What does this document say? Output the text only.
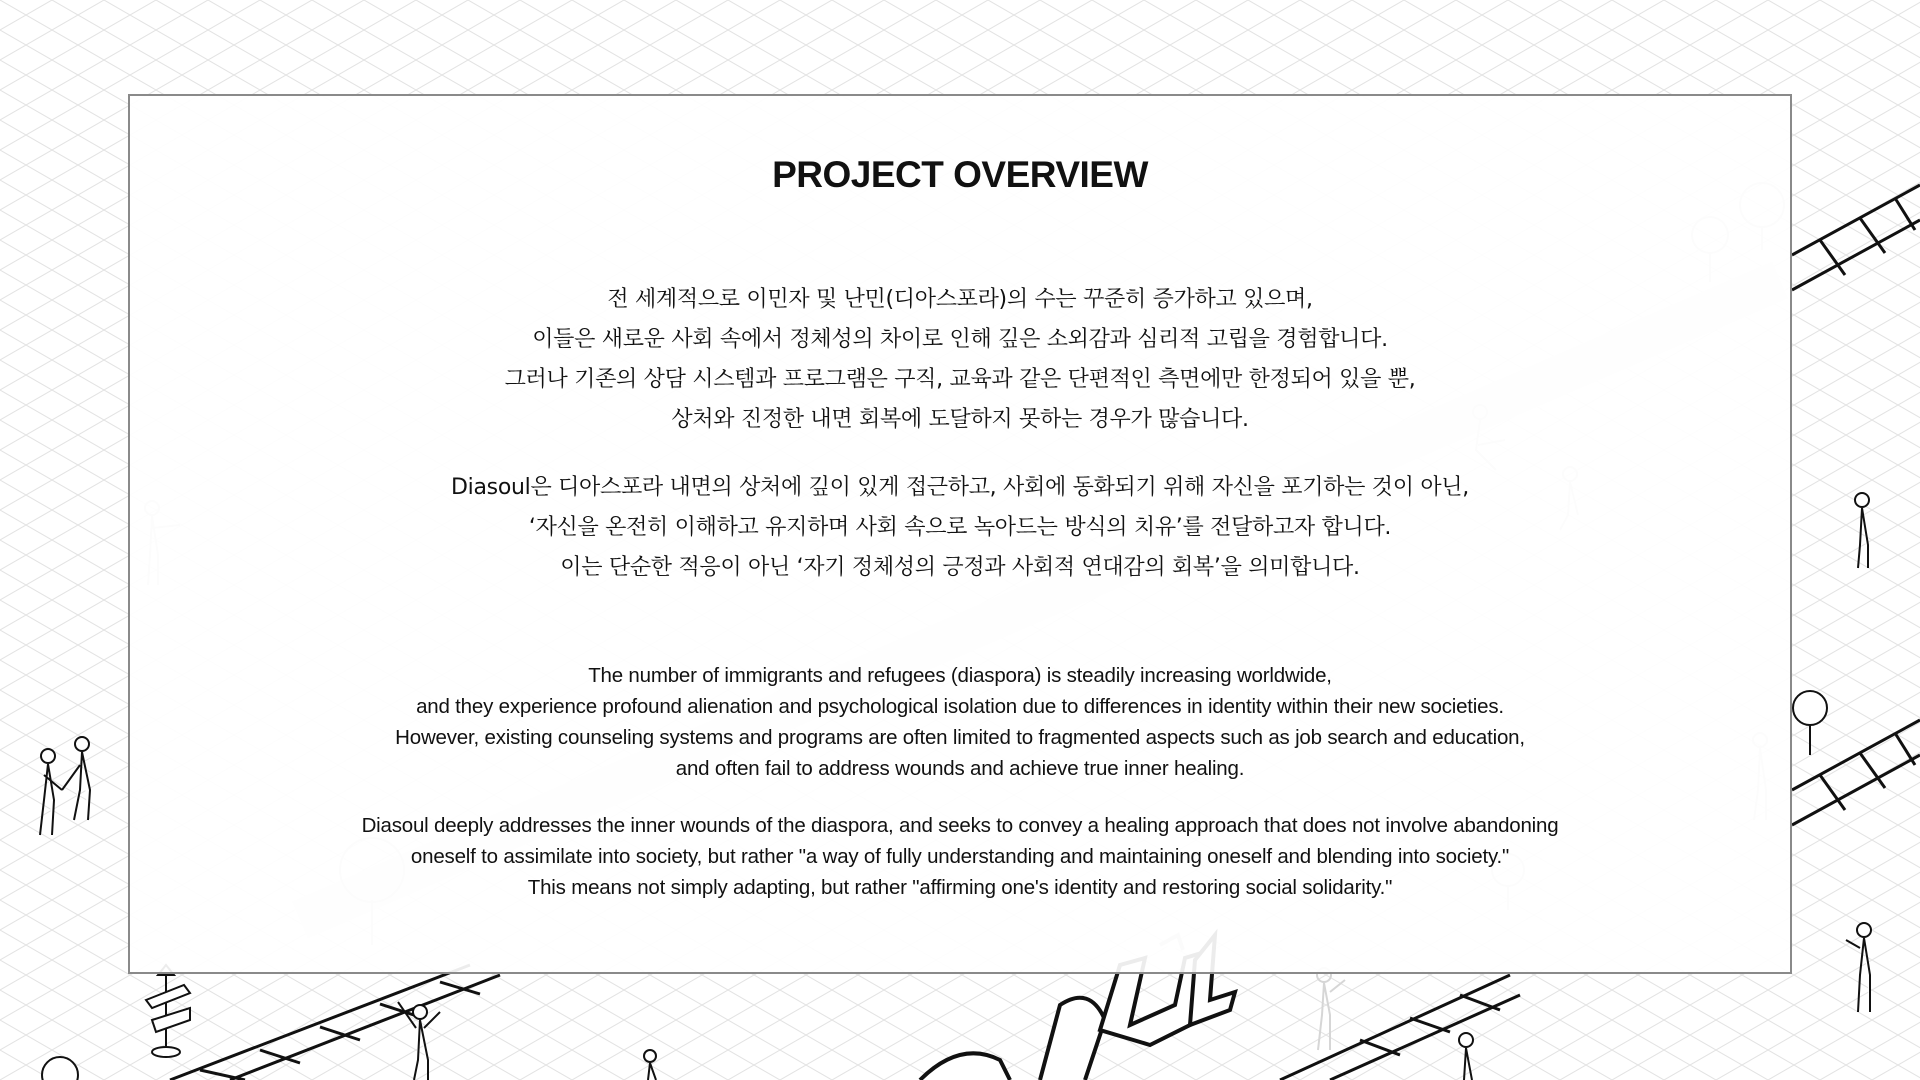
PROJECT OVERVIEW
전 세계적으로 이민자 및 난민(디아스포라)의 수는 꾸준히 증가하고 있으며,
이들은 새로운 사회 속에서 정체성의 차이로 인해 깊은 소외감과 심리적 고립을 경험합니다.
그러나 기존의 상담 시스템과 프로그램은 구직, 교육과 같은 단편적인 측면에만 한정되어 있을 뿐,
상처와 진정한 내면 회복에 도달하지 못하는 경우가 많습니다.
Diasoul은 디아스포라 내면의 상처에 깊이 있게 접근하고, 사회에 동화되기 위해 자신을 포기하는 것이 아닌,
‘자신을 온전히 이해하고 유지하며 사회 속으로 녹아드는 방식의 치유’를 전달하고자 합니다.
이는 단순한 적응이 아닌 ‘자기 정체성의 긍정과 사회적 연대감의 회복’을 의미합니다.
The number of immigrants and refugees (diaspora) is steadily increasing worldwide,
and they experience profound alienation and psychological isolation due to differences in identity within their new societies.
However, existing counseling systems and programs are often limited to fragmented aspects such as job search and education,
and often fail to address wounds and achieve true inner healing.
Diasoul deeply addresses the inner wounds of the diaspora, and seeks to convey a healing approach that does not involve abandoning
oneself to assimilate into society, but rather "a way of fully understanding and maintaining oneself and blending into society."
This means not simply adapting, but rather "affirming one's identity and restoring social solidarity."
